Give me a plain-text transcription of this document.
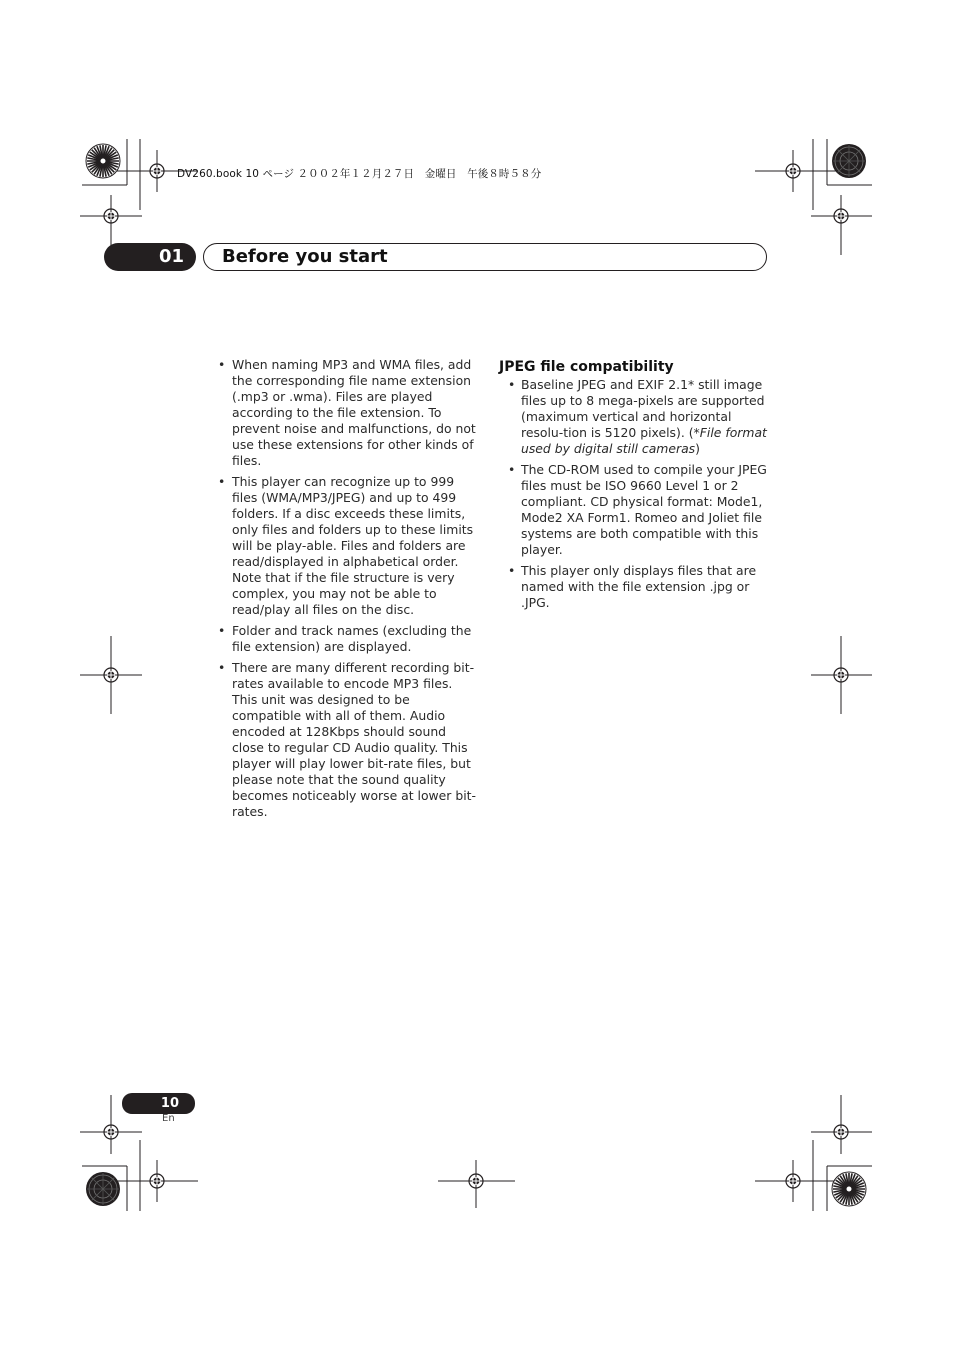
DV260.book 10 ページ ２００２年１２月２７日　金曜日　午後８時５８分
01	Before you start
• When naming MP3 and WMA files, add the corresponding file name extension (.mp3 or .wma). Files are played according to the file extension. To prevent noise and malfunctions, do not use these extensions for other kinds of files.
• This player can recognize up to 999 files (WMA/MP3/JPEG) and up to 499 folders. If a disc exceeds these limits, only files and folders up to these limits will be play-able. Files and folders are read/displayed in alphabetical order. Note that if the file structure is very complex, you may not be able to read/play all files on the disc.
• Folder and track names (excluding the file extension) are displayed.
• There are many different recording bit-rates available to encode MP3 files. This unit was designed to be compatible with all of them. Audio encoded at 128Kbps should sound close to regular CD Audio quality. This player will play lower bit-rate files, but please note that the sound quality becomes noticeably worse at lower bit-rates.
JPEG file compatibility
• Baseline JPEG and EXIF 2.1* still image files up to 8 mega-pixels are supported (maximum vertical and horizontal resolu-tion is 5120 pixels). (*File format used by digital still cameras)
• The CD-ROM used to compile your JPEG files must be ISO 9660 Level 1 or 2 compliant. CD physical format: Mode1, Mode2 XA Form1. Romeo and Joliet file systems are both compatible with this player.
• This player only displays files that are named with the file extension .jpg or .JPG.
10
En
